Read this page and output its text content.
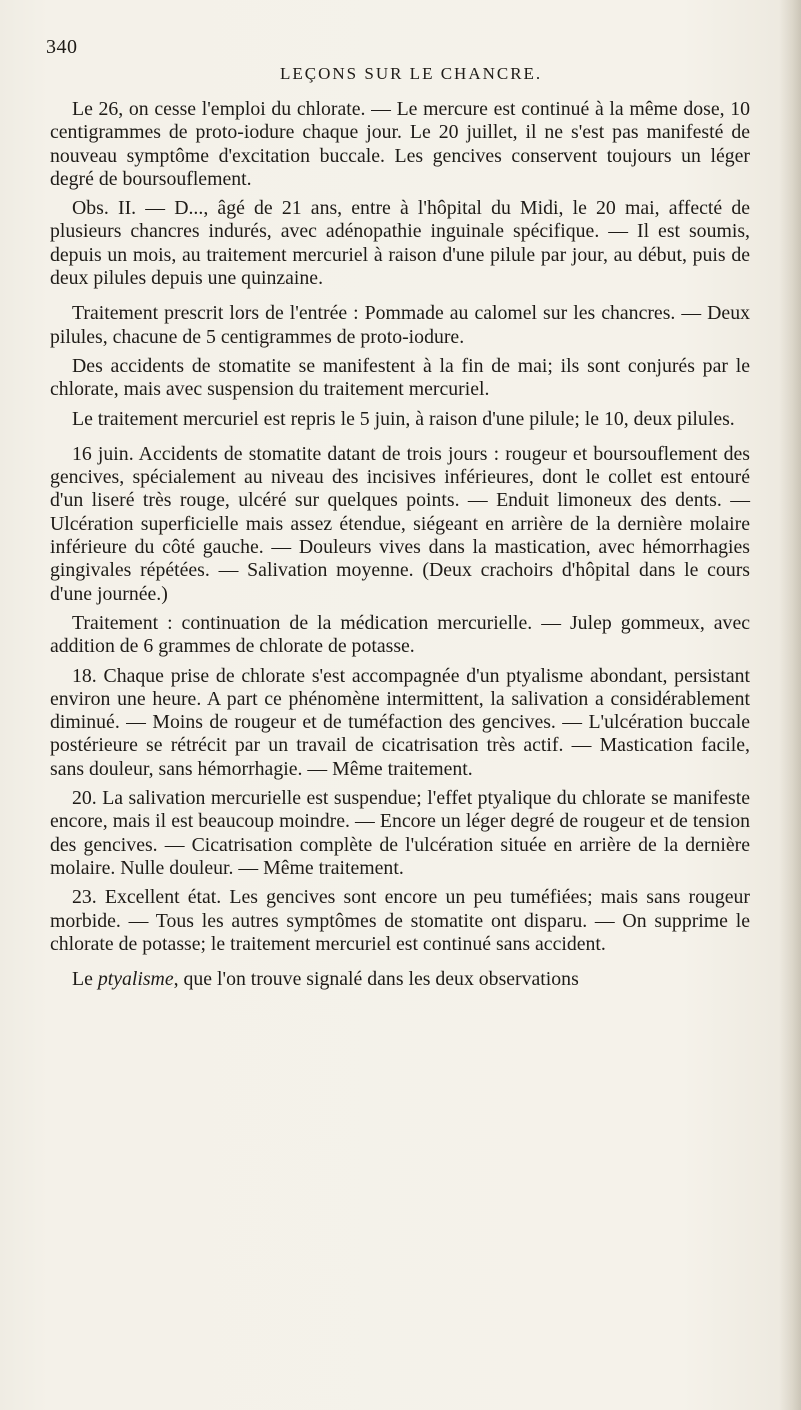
340
LEÇONS SUR LE CHANCRE.

Le 26, on cesse l'emploi du chlorate. — Le mercure est continué à la même dose, 10 centigrammes de proto-iodure chaque jour. Le 20 juillet, il ne s'est pas manifesté de nouveau symptôme d'excitation buccale. Les gencives conservent toujours un léger degré de boursouflement.

Obs. II. — D..., âgé de 21 ans, entre à l'hôpital du Midi, le 20 mai, affecté de plusieurs chancres indurés, avec adénopathie inguinale spécifique. — Il est soumis, depuis un mois, au traitement mercuriel à raison d'une pilule par jour, au début, puis de deux pilules depuis une quinzaine.

Traitement prescrit lors de l'entrée : Pommade au calomel sur les chancres. — Deux pilules, chacune de 5 centigrammes de proto-iodure.

Des accidents de stomatite se manifestent à la fin de mai; ils sont conjurés par le chlorate, mais avec suspension du traitement mercuriel.

Le traitement mercuriel est repris le 5 juin, à raison d'une pilule; le 10, deux pilules.

16 juin. Accidents de stomatite datant de trois jours : rougeur et boursouflement des gencives, spécialement au niveau des incisives inférieures, dont le collet est entouré d'un liseré très rouge, ulcéré sur quelques points. — Enduit limoneux des dents. — Ulcération superficielle mais assez étendue, siégeant en arrière de la dernière molaire inférieure du côté gauche. — Douleurs vives dans la mastication, avec hémorrhagies gingivales répétées. — Salivation moyenne. (Deux crachoirs d'hôpital dans le cours d'une journée.)

Traitement : continuation de la médication mercurielle. — Julep gommeux, avec addition de 6 grammes de chlorate de potasse.

18. Chaque prise de chlorate s'est accompagnée d'un ptyalisme abondant, persistant environ une heure. A part ce phénomène intermittent, la salivation a considérablement diminué. — Moins de rougeur et de tuméfaction des gencives. — L'ulcération buccale postérieure se rétrécit par un travail de cicatrisation très actif. — Mastication facile, sans douleur, sans hémorrhagie. — Même traitement.

20. La salivation mercurielle est suspendue; l'effet ptyalique du chlorate se manifeste encore, mais il est beaucoup moindre. — Encore un léger degré de rougeur et de tension des gencives. — Cicatrisation complète de l'ulcération située en arrière de la dernière molaire. Nulle douleur. — Même traitement.

23. Excellent état. Les gencives sont encore un peu tuméfiées; mais sans rougeur morbide. — Tous les autres symptômes de stomatite ont disparu. — On supprime le chlorate de potasse; le traitement mercuriel est continué sans accident.

Le ptyalisme, que l'on trouve signalé dans les deux observations
